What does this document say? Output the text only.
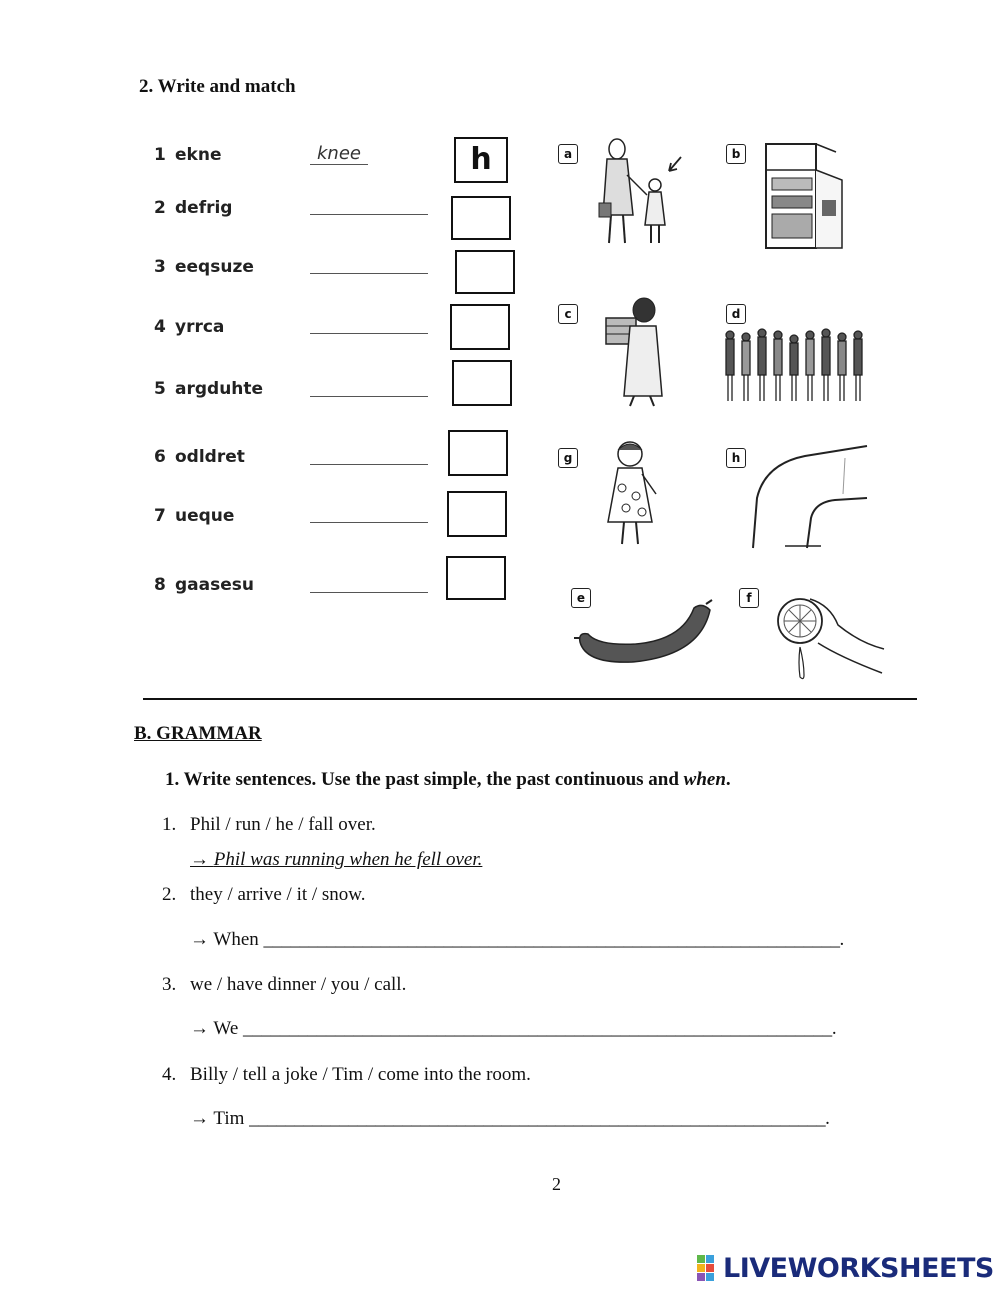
2. Write and match
1 ekne	knee	h
2 defrig
3 eeqsuze
4 yrrca
5 argduhte
6 odldret
7 ueque
8 gaasesu
a	b
c	d
g	h
e	f
B. GRAMMAR
1. Write sentences. Use the past simple, the past continuous and when.
1. Phil / run / he / fall over.
→ Phil was running when he fell over.
2. they / arrive / it / snow.
→ When ________________________________________________________________.
3. we / have dinner / you / call.
→ We ________________________________________________________________.
4. Billy / tell a joke / Tim / come into the room.
→ Tim ________________________________________________________________.
2
LIVEWORKSHEETS
